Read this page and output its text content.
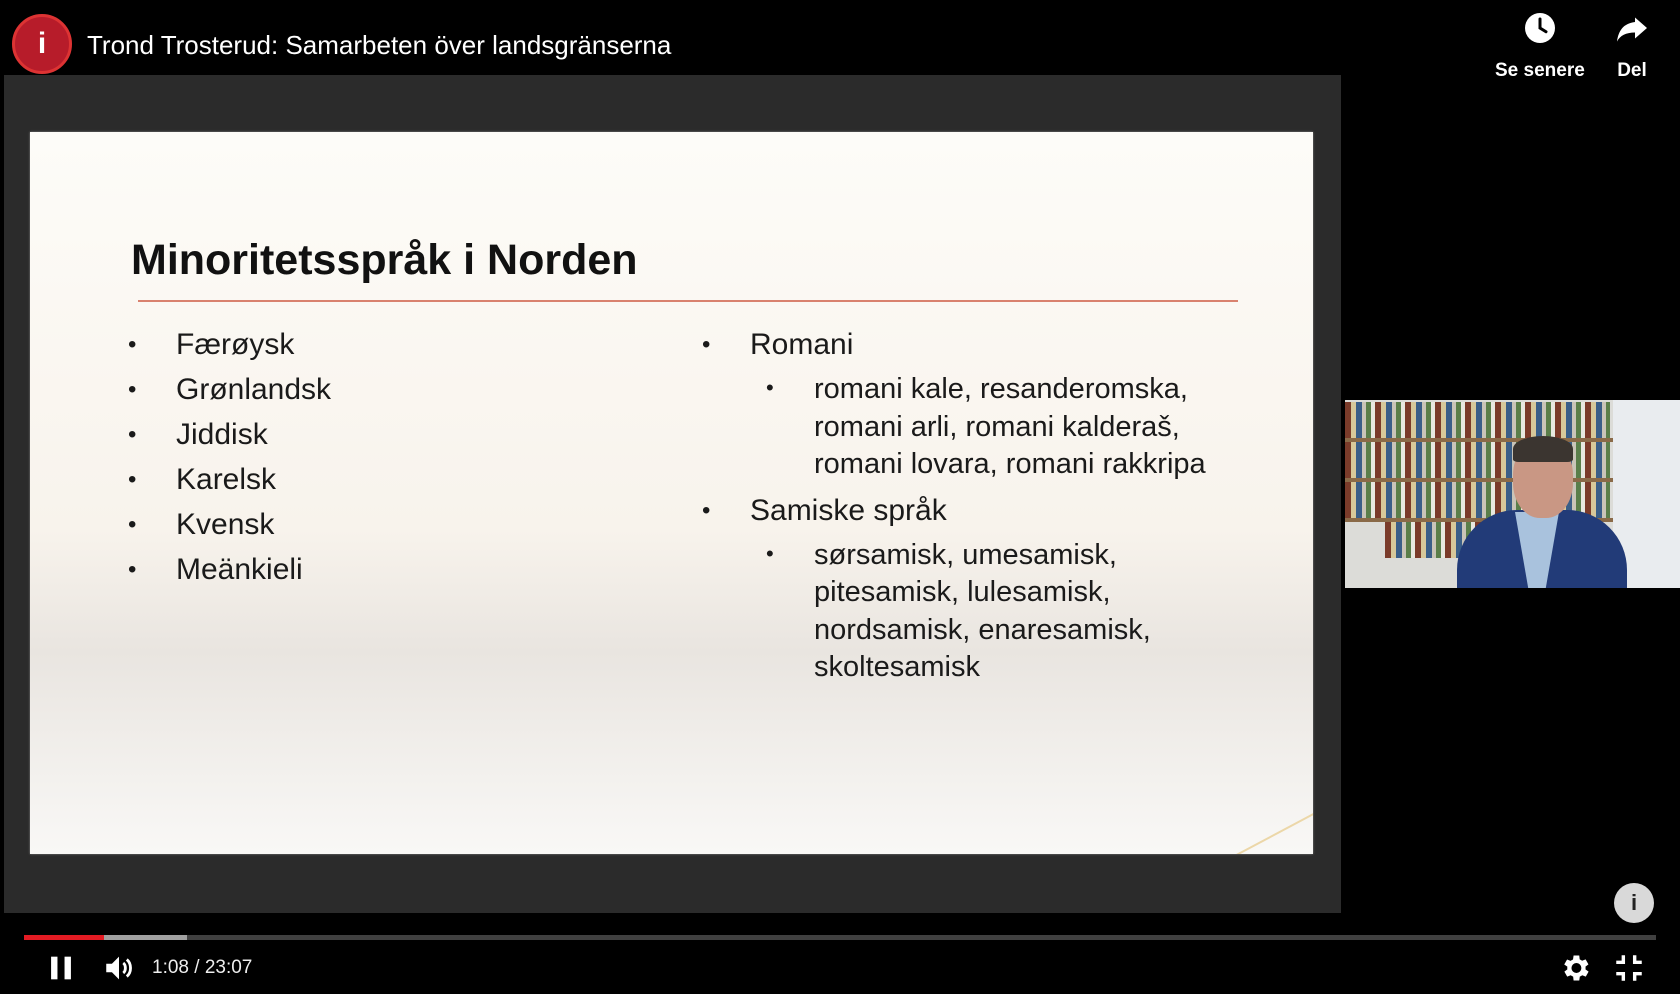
i Trond Trosterud: Samarbeten över landsgränserna
Se senere Del
Minoritetsspråk i Norden
• Færøysk
• Grønlandsk
• Jiddisk
• Karelsk
• Kvensk
• Meänkieli
• Romani
• romani kale, resanderomska, romani arli, romani kalderaš, romani lovara, romani rakkripa
• Samiske språk
• sørsamisk, umesamisk, pitesamisk, lulesamisk, nordsamisk, enaresamisk, skoltesamisk
i
1:08 / 23:07
